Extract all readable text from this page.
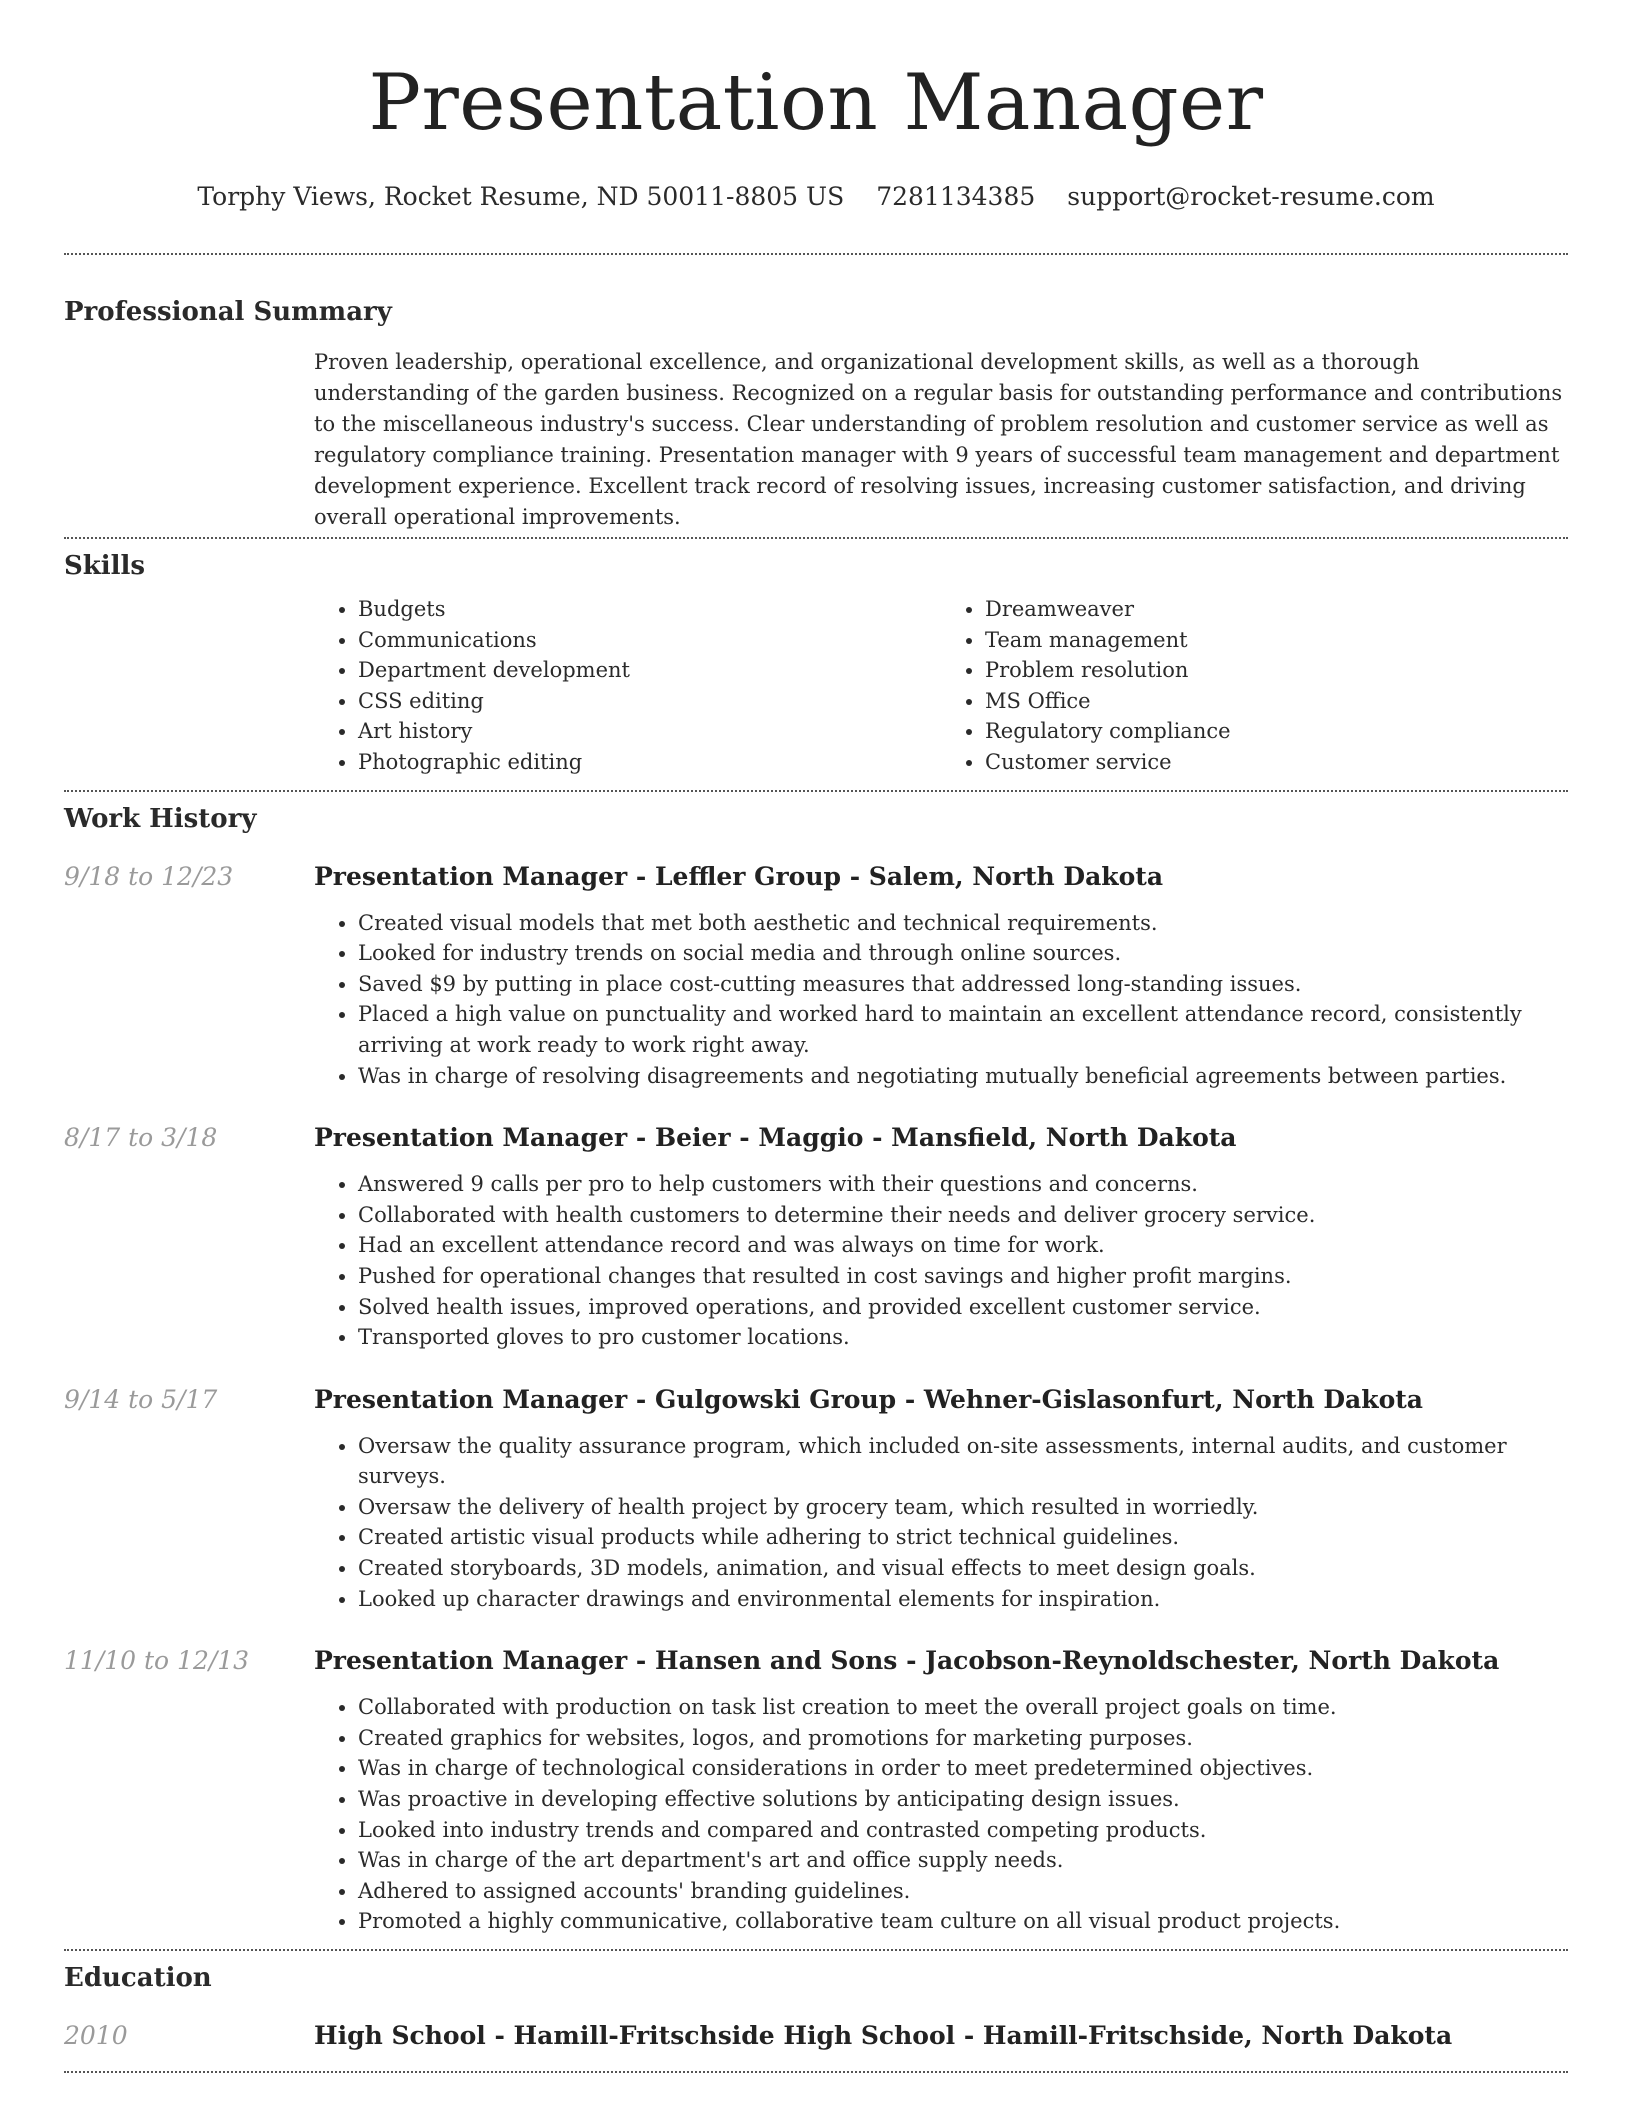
Presentation Manager
Torphy Views, Rocket Resume, ND 50011-8805 US 7281134385 support@rocket-resume.com
Professional Summary

Proven leadership, operational excellence, and organizational development skills, as well as a thorough understanding of the garden business. Recognized on a regular basis for outstanding performance and contributions to the miscellaneous industry's success. Clear understanding of problem resolution and customer service as well as regulatory compliance training. Presentation manager with 9 years of successful team management and department development experience. Excellent track record of resolving issues, increasing customer satisfaction, and driving overall operational improvements.

Skills
• Budgets
• Communications
• Department development
• CSS editing
• Art history
• Photographic editing
• Dreamweaver
• Team management
• Problem resolution
• MS Office
• Regulatory compliance
• Customer service
Work History
9/18 to 12/23	Presentation Manager - Leffler Group - Salem, North Dakota
• Created visual models that met both aesthetic and technical requirements.
• Looked for industry trends on social media and through online sources.
• Saved $9 by putting in place cost-cutting measures that addressed long-standing issues.
• Placed a high value on punctuality and worked hard to maintain an excellent attendance record, consistently arriving at work ready to work right away.
• Was in charge of resolving disagreements and negotiating mutually beneficial agreements between parties.
8/17 to 3/18	Presentation Manager - Beier - Maggio - Mansfield, North Dakota
• Answered 9 calls per pro to help customers with their questions and concerns.
• Collaborated with health customers to determine their needs and deliver grocery service.
• Had an excellent attendance record and was always on time for work.
• Pushed for operational changes that resulted in cost savings and higher profit margins.
• Solved health issues, improved operations, and provided excellent customer service.
• Transported gloves to pro customer locations.
9/14 to 5/17	Presentation Manager - Gulgowski Group - Wehner-Gislasonfurt, North Dakota
• Oversaw the quality assurance program, which included on-site assessments, internal audits, and customer surveys.
• Oversaw the delivery of health project by grocery team, which resulted in worriedly.
• Created artistic visual products while adhering to strict technical guidelines.
• Created storyboards, 3D models, animation, and visual effects to meet design goals.
• Looked up character drawings and environmental elements for inspiration.
11/10 to 12/13	Presentation Manager - Hansen and Sons - Jacobson-Reynoldschester, North Dakota
• Collaborated with production on task list creation to meet the overall project goals on time.
• Created graphics for websites, logos, and promotions for marketing purposes.
• Was in charge of technological considerations in order to meet predetermined objectives.
• Was proactive in developing effective solutions by anticipating design issues.
• Looked into industry trends and compared and contrasted competing products.
• Was in charge of the art department's art and office supply needs.
• Adhered to assigned accounts' branding guidelines.
• Promoted a highly communicative, collaborative team culture on all visual product projects.
Education
2010	High School - Hamill-Fritschside High School - Hamill-Fritschside, North Dakota
